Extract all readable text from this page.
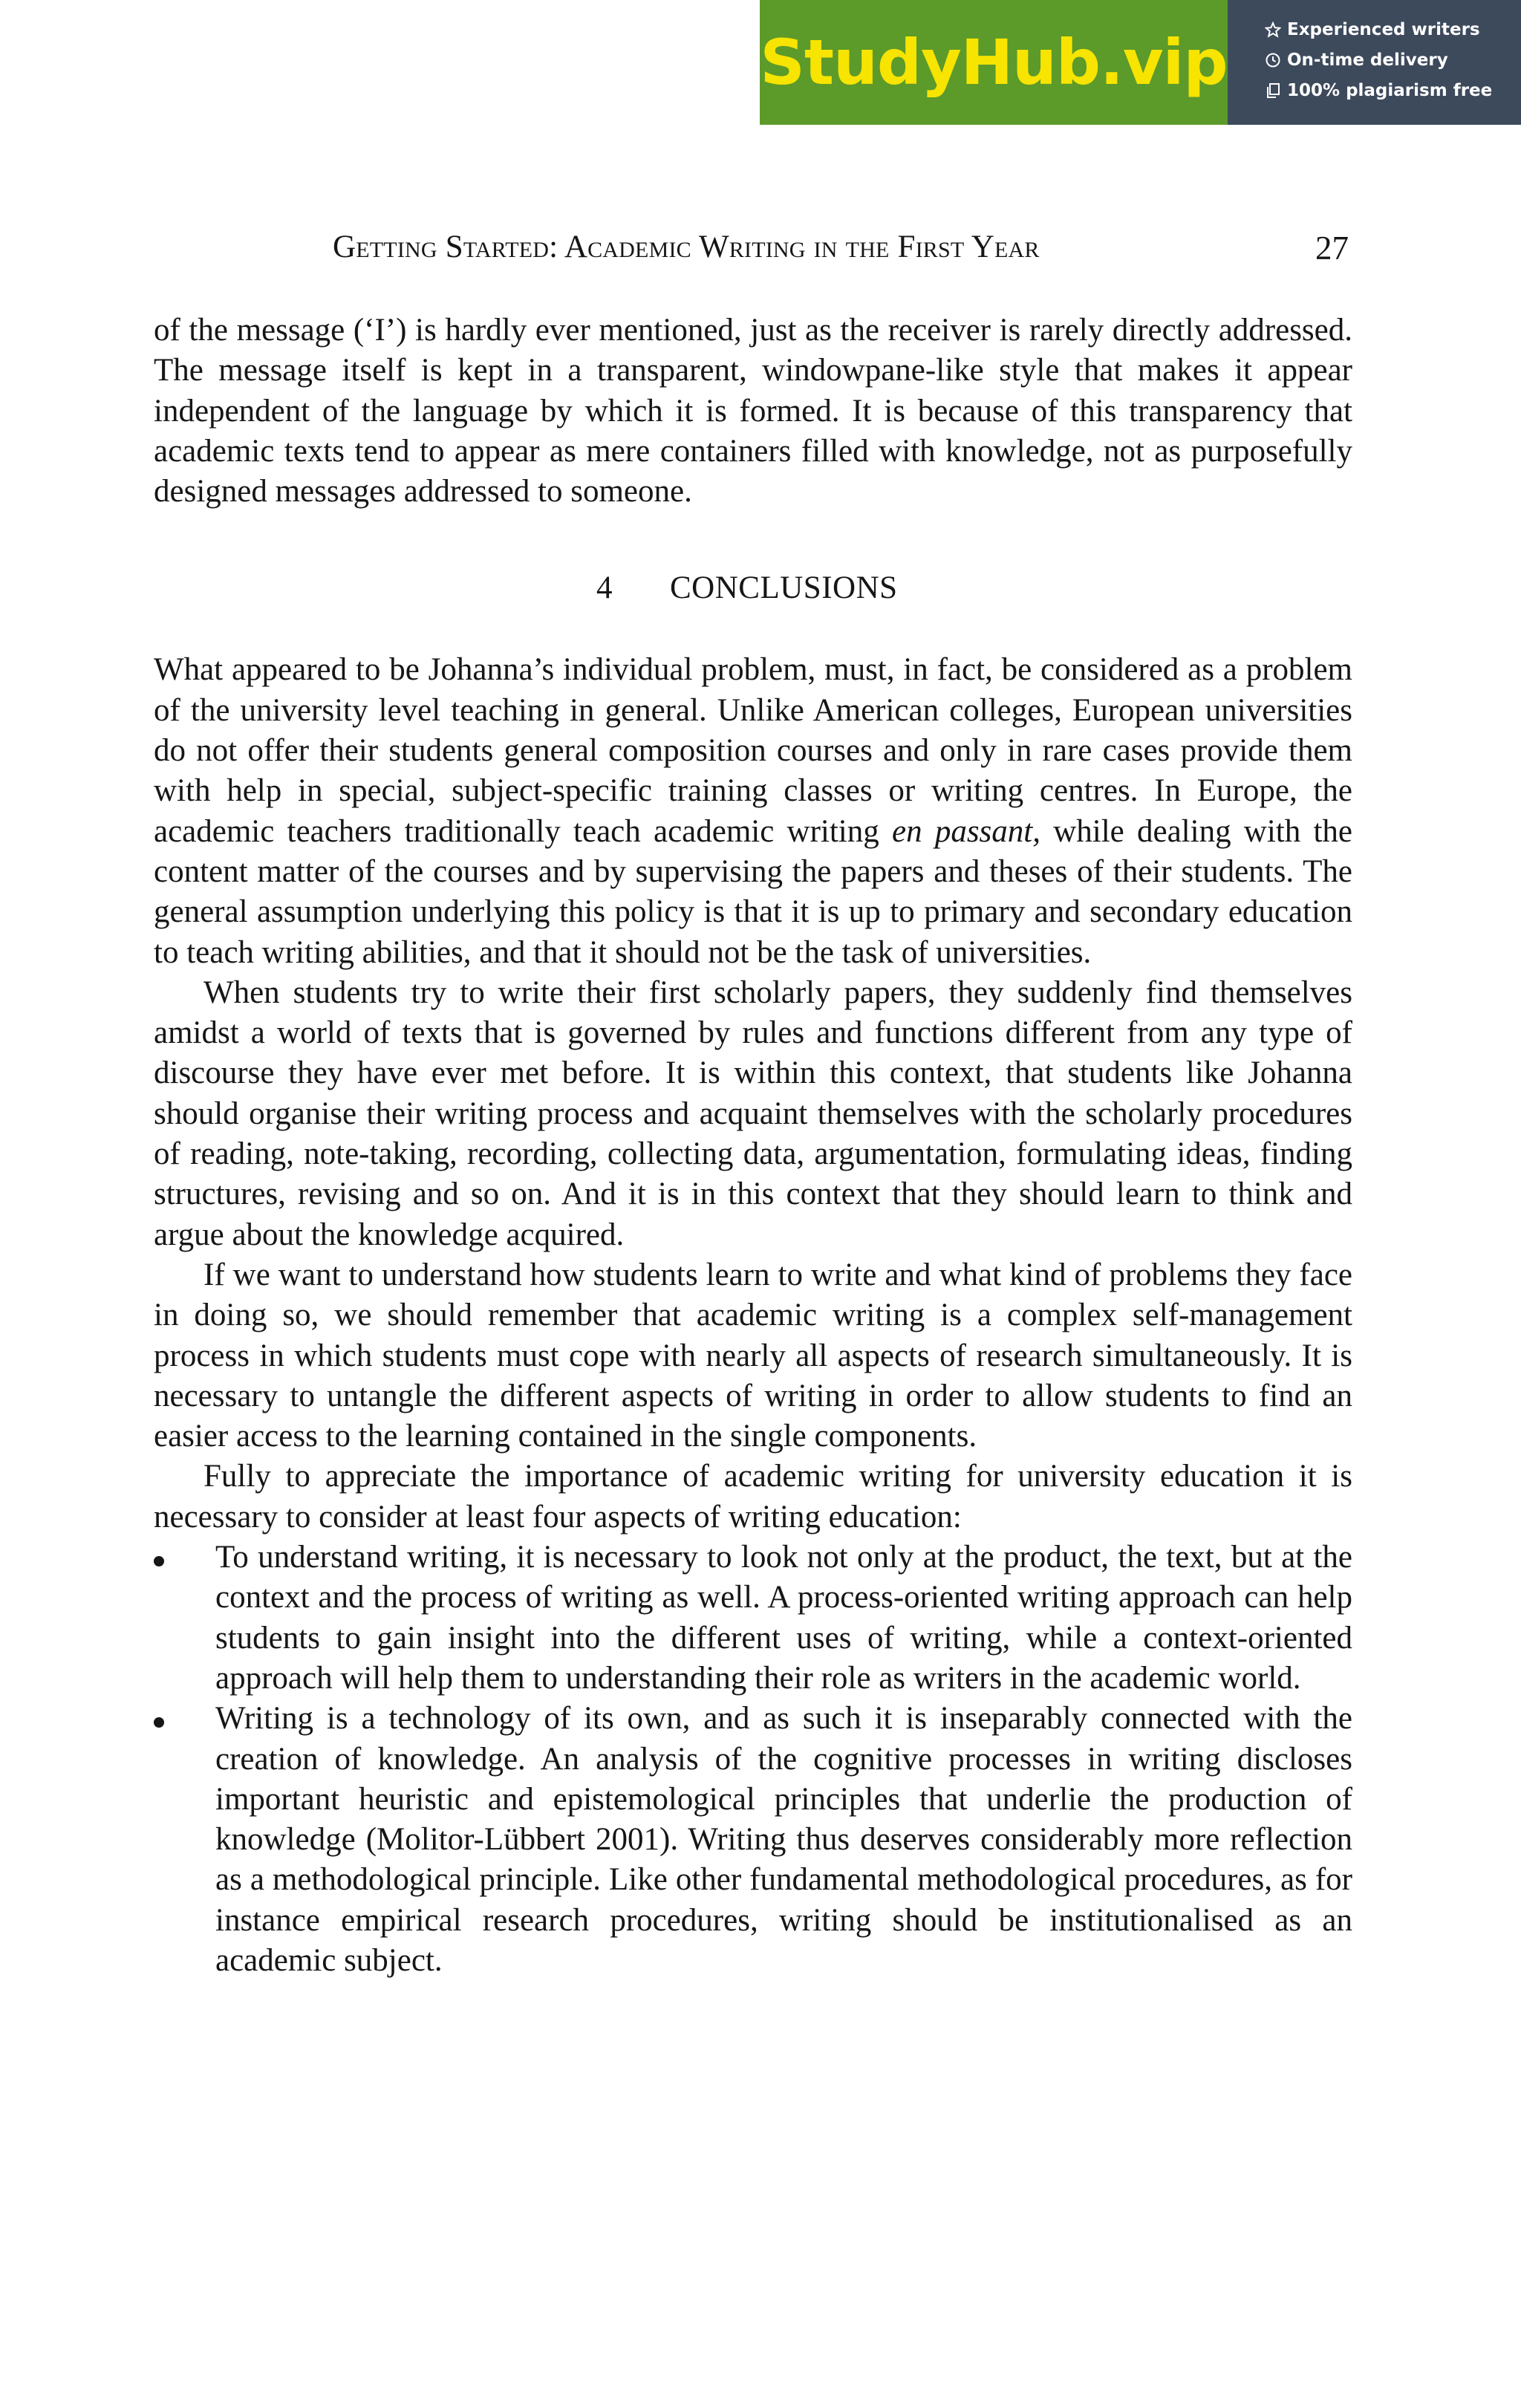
StudyHub.vip	Experienced writers
On-time delivery
100% plagiarism free
Getting Started: Academic Writing in the First Year	27

of the message (‘I’) is hardly ever mentioned, just as the receiver is rarely directly addressed. The message itself is kept in a transparent, windowpane-like style that makes it appear independent of the language by which it is formed. It is because of this transparency that academic texts tend to appear as mere containers filled with knowledge, not as purposefully designed messages addressed to someone.

4 CONCLUSIONS

What appeared to be Johanna’s individual problem, must, in fact, be considered as a problem of the university level teaching in general. Unlike American colleges, European universities do not offer their students general composition courses and only in rare cases provide them with help in special, subject-specific training classes or writing centres. In Europe, the academic teachers traditionally teach academic writing en passant, while dealing with the content matter of the courses and by supervising the papers and theses of their students. The general assumption underlying this policy is that it is up to primary and secondary education to teach writing abilities, and that it should not be the task of universities.

When students try to write their first scholarly papers, they suddenly find themselves amidst a world of texts that is governed by rules and functions different from any type of discourse they have ever met before. It is within this context, that students like Johanna should organise their writing process and acquaint themselves with the scholarly procedures of reading, note-taking, recording, collecting data, argumentation, formulating ideas, finding structures, revising and so on. And it is in this context that they should learn to think and argue about the knowledge acquired.

If we want to understand how students learn to write and what kind of problems they face in doing so, we should remember that academic writing is a complex self-management process in which students must cope with nearly all aspects of research simultaneously. It is necessary to untangle the different aspects of writing in order to allow students to find an easier access to the learning contained in the single components.

Fully to appreciate the importance of academic writing for university education it is necessary to consider at least four aspects of writing education:

To understand writing, it is necessary to look not only at the product, the text, but at the context and the process of writing as well. A process-oriented writing approach can help students to gain insight into the different uses of writing, while a context-oriented approach will help them to understanding their role as writers in the academic world.
Writing is a technology of its own, and as such it is inseparably connected with the creation of knowledge. An analysis of the cognitive processes in writing discloses important heuristic and epistemological principles that underlie the production of knowledge (Molitor-Lübbert 2001). Writing thus deserves considerably more reflection as a methodological principle. Like other fundamental methodological procedures, as for instance empirical research procedures, writing should be institutionalised as an academic subject.
